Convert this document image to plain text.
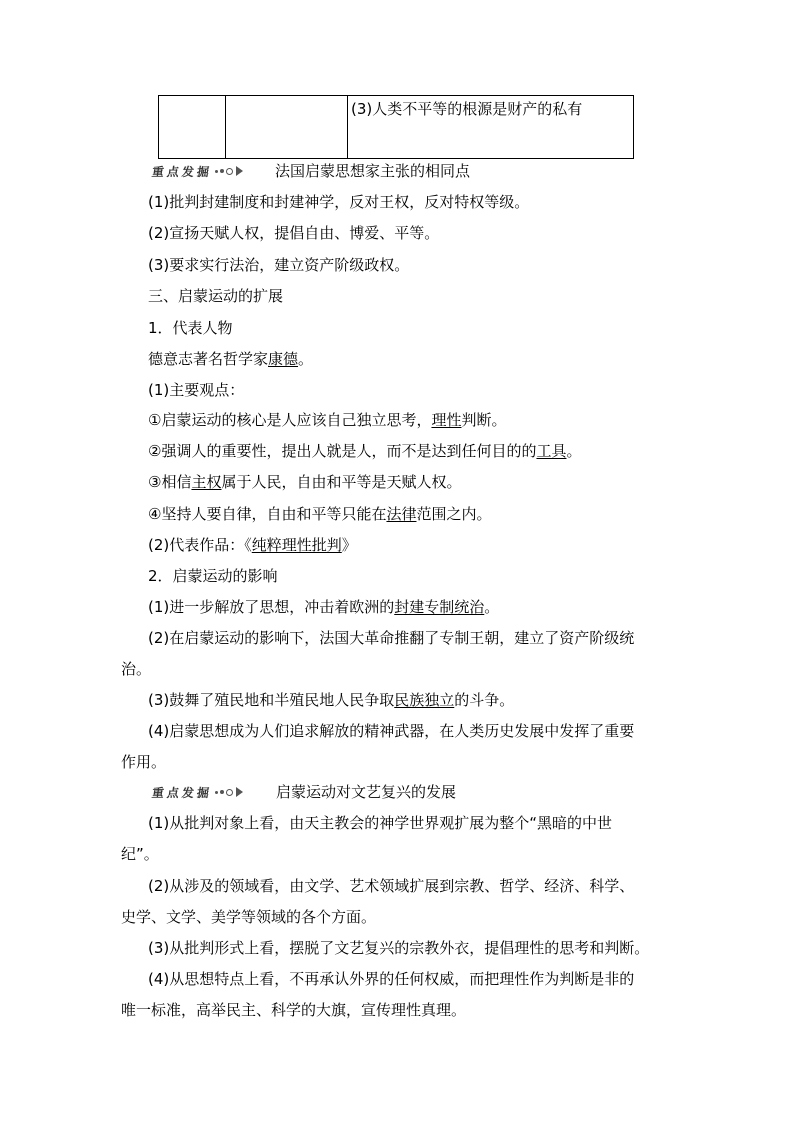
		(3)人类不平等的根源是财产的私有
重点发掘	法国启蒙思想家主张的相同点
(1)批判封建制度和封建神学，反对王权，反对特权等级。
(2)宣扬天赋人权，提倡自由、博爱、平等。
(3)要求实行法治，建立资产阶级政权。
三、启蒙运动的扩展
1．代表人物
德意志著名哲学家康德。
(1)主要观点：
①启蒙运动的核心是人应该自己独立思考，理性判断。
②强调人的重要性，提出人就是人，而不是达到任何目的的工具。
③相信主权属于人民，自由和平等是天赋人权。
④坚持人要自律，自由和平等只能在法律范围之内。
(2)代表作品：《纯粹理性批判》
2．启蒙运动的影响
(1)进一步解放了思想，冲击着欧洲的封建专制统治。
(2)在启蒙运动的影响下，法国大革命推翻了专制王朝，建立了资产阶级统
治。
(3)鼓舞了殖民地和半殖民地人民争取民族独立的斗争。
(4)启蒙思想成为人们追求解放的精神武器，在人类历史发展中发挥了重要
作用。
重点发掘	启蒙运动对文艺复兴的发展
(1)从批判对象上看，由天主教会的神学世界观扩展为整个“黑暗的中世
纪”。
(2)从涉及的领域看，由文学、艺术领域扩展到宗教、哲学、经济、科学、
史学、文学、美学等领域的各个方面。
(3)从批判形式上看，摆脱了文艺复兴的宗教外衣，提倡理性的思考和判断。
(4)从思想特点上看，不再承认外界的任何权威，而把理性作为判断是非的
唯一标准，高举民主、科学的大旗，宣传理性真理。
